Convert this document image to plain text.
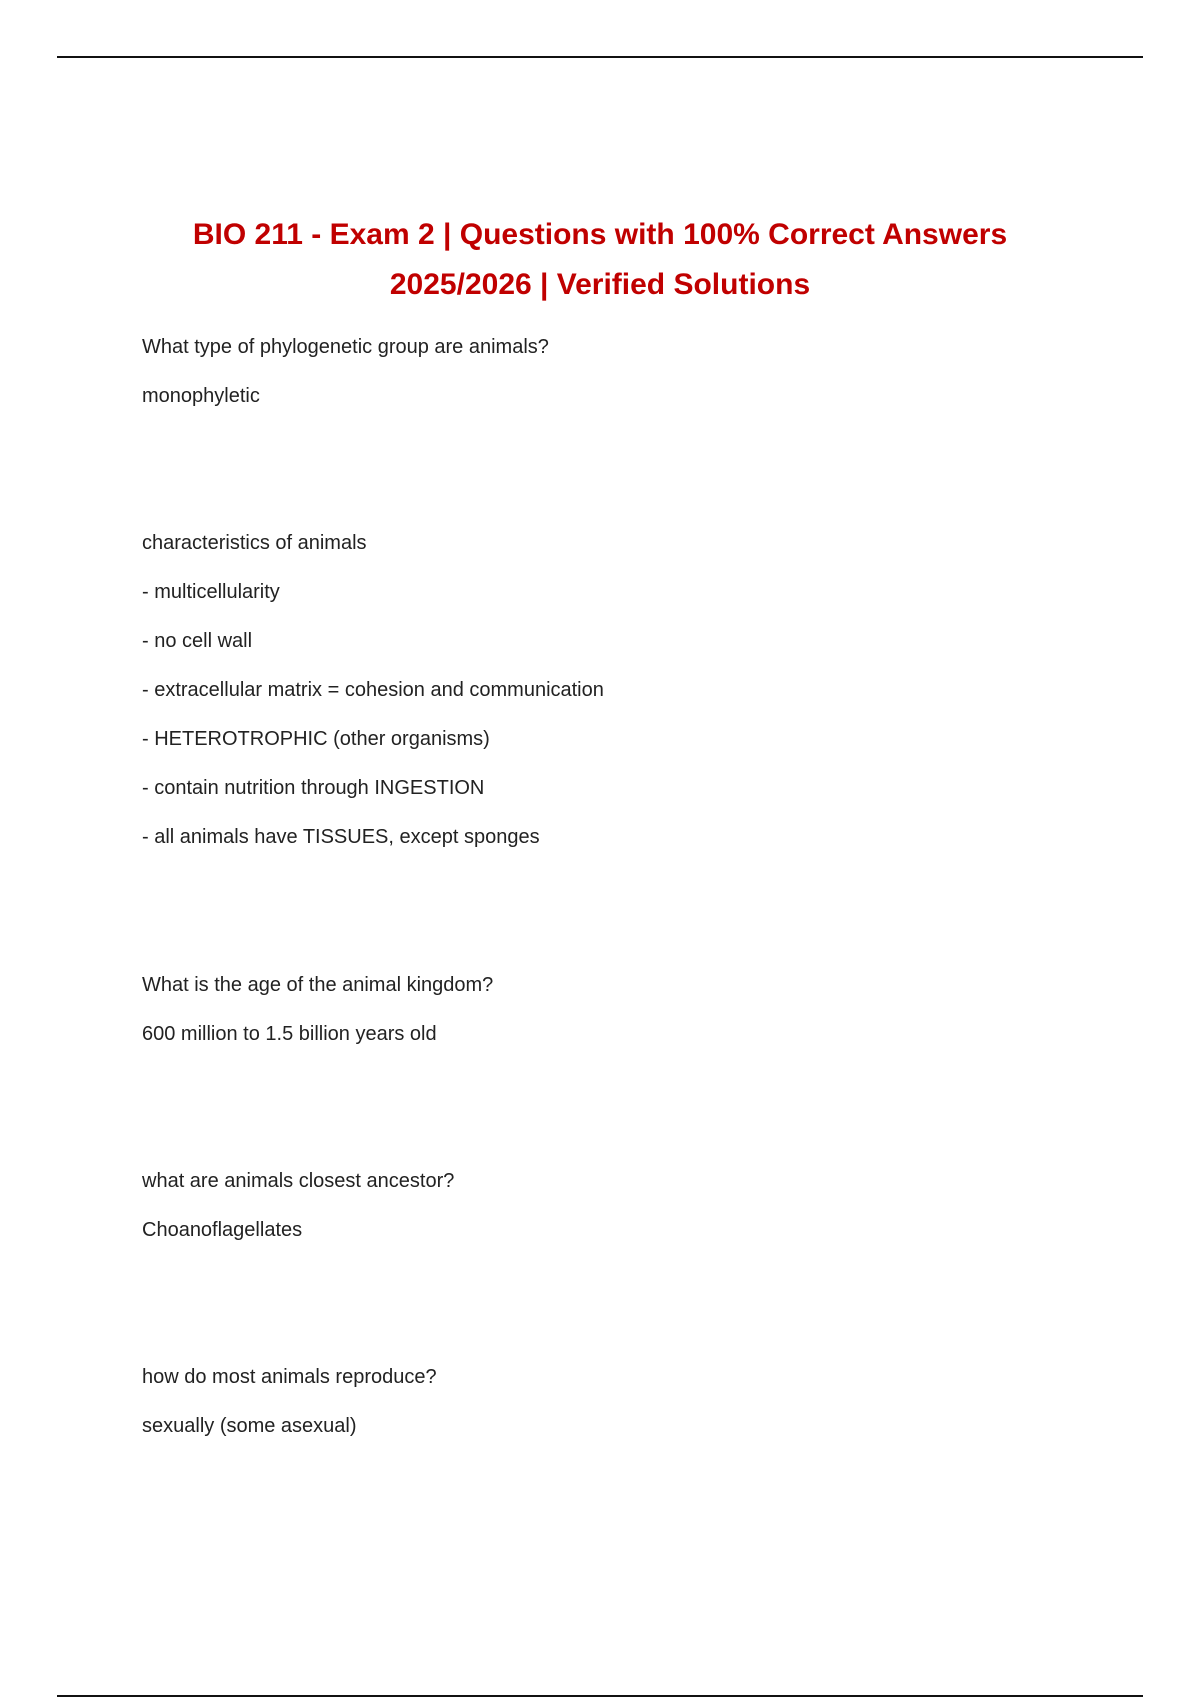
BIO 211 - Exam 2 | Questions with 100% Correct Answers
2025/2026 | Verified Solutions

What type of phylogenetic group are animals?

monophyletic

characteristics of animals

- multicellularity

- no cell wall

- extracellular matrix = cohesion and communication

- HETEROTROPHIC (other organisms)

- contain nutrition through INGESTION

- all animals have TISSUES, except sponges

What is the age of the animal kingdom?

600 million to 1.5 billion years old

what are animals closest ancestor?

Choanoflagellates

how do most animals reproduce?

sexually (some asexual)
